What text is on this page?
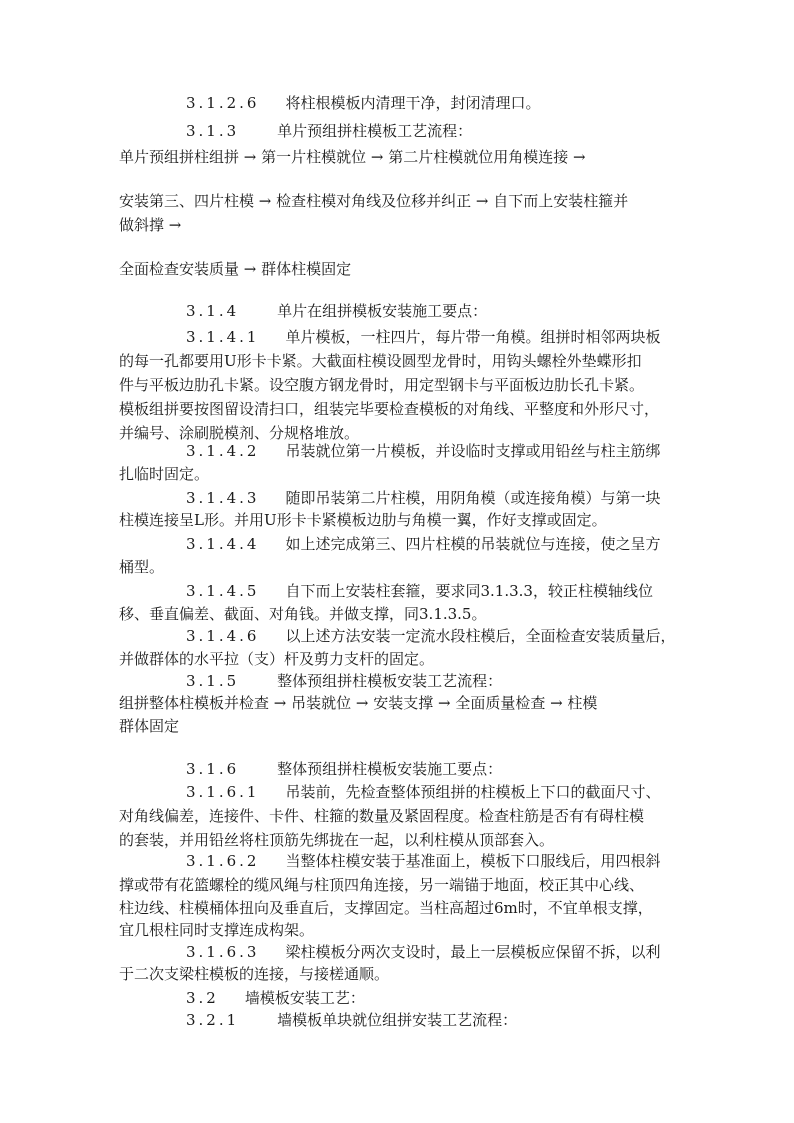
3.1.2.6 将柱根模板内清理干净，封闭清理口。
3.1.3	单片预组拼柱模板工艺流程：
单片预组拼柱组拼 → 第一片柱模就位 → 第二片柱模就位用角模连接 →
安装第三、四片柱模 → 检查柱模对角线及位移并纠正 → 自下而上安装柱箍并
做斜撑 →
全面检查安装质量 → 群体柱模固定
3.1.4	单片在组拼模板安装施工要点：
3.1.4.1 单片模板，一柱四片，每片带一角模。组拼时相邻两块板
的每一孔都要用U形卡卡紧。大截面柱模设圆型龙骨时，用钩头螺栓外垫蝶形扣
件与平板边肋孔卡紧。设空腹方钢龙骨时，用定型钢卡与平面板边肋长孔卡紧。
模板组拼要按图留设清扫口，组装完毕要检查模板的对角线、平整度和外形尺寸，
并编号、涂刷脱模剂、分规格堆放。
3.1.4.2 吊装就位第一片模板，并设临时支撑或用铅丝与柱主筋绑
扎临时固定。
3.1.4.3 随即吊装第二片柱模，用阴角模（或连接角模）与第一块
柱模连接呈L形。并用U形卡卡紧模板边肋与角模一翼，作好支撑或固定。
3.1.4.4 如上述完成第三、四片柱模的吊装就位与连接，使之呈方
桶型。
3.1.4.5 自下而上安装柱套箍，要求同3.1.3.3，较正柱模轴线位
移、垂直偏差、截面、对角钱。并做支撑，同3.1.3.5。
3.1.4.6 以上述方法安装一定流水段柱模后，全面检查安装质量后，
并做群体的水平拉（支）杆及剪力支杆的固定。
3.1.5	整体预组拼柱模板安装工艺流程：
组拼整体柱模板并检查 → 吊装就位 → 安装支撑 → 全面质量检查 → 柱模
群体固定
3.1.6	整体预组拼柱模板安装施工要点：
3.1.6.1 吊装前，先检查整体预组拼的柱模板上下口的截面尺寸、
对角线偏差，连接件、卡件、柱箍的数量及紧固程度。检查柱筋是否有有碍柱模
的套装，并用铅丝将柱顶筋先绑拢在一起，以利柱模从顶部套入。
3.1.6.2 当整体柱模安装于基准面上，模板下口服线后，用四根斜
撑或带有花篮螺栓的缆风绳与柱顶四角连接，另一端锚于地面，校正其中心线、
柱边线、柱模桶体扭向及垂直后，支撑固定。当柱高超过6m时，不宜单根支撑，
宜几根柱同时支撑连成构架。
3.1.6.3 梁柱模板分两次支设时，最上一层模板应保留不拆，以利
于二次支梁柱模板的连接，与接槎通顺。
3.2 墙模板安装工艺：
3.2.1	墙模板单块就位组拼安装工艺流程：
